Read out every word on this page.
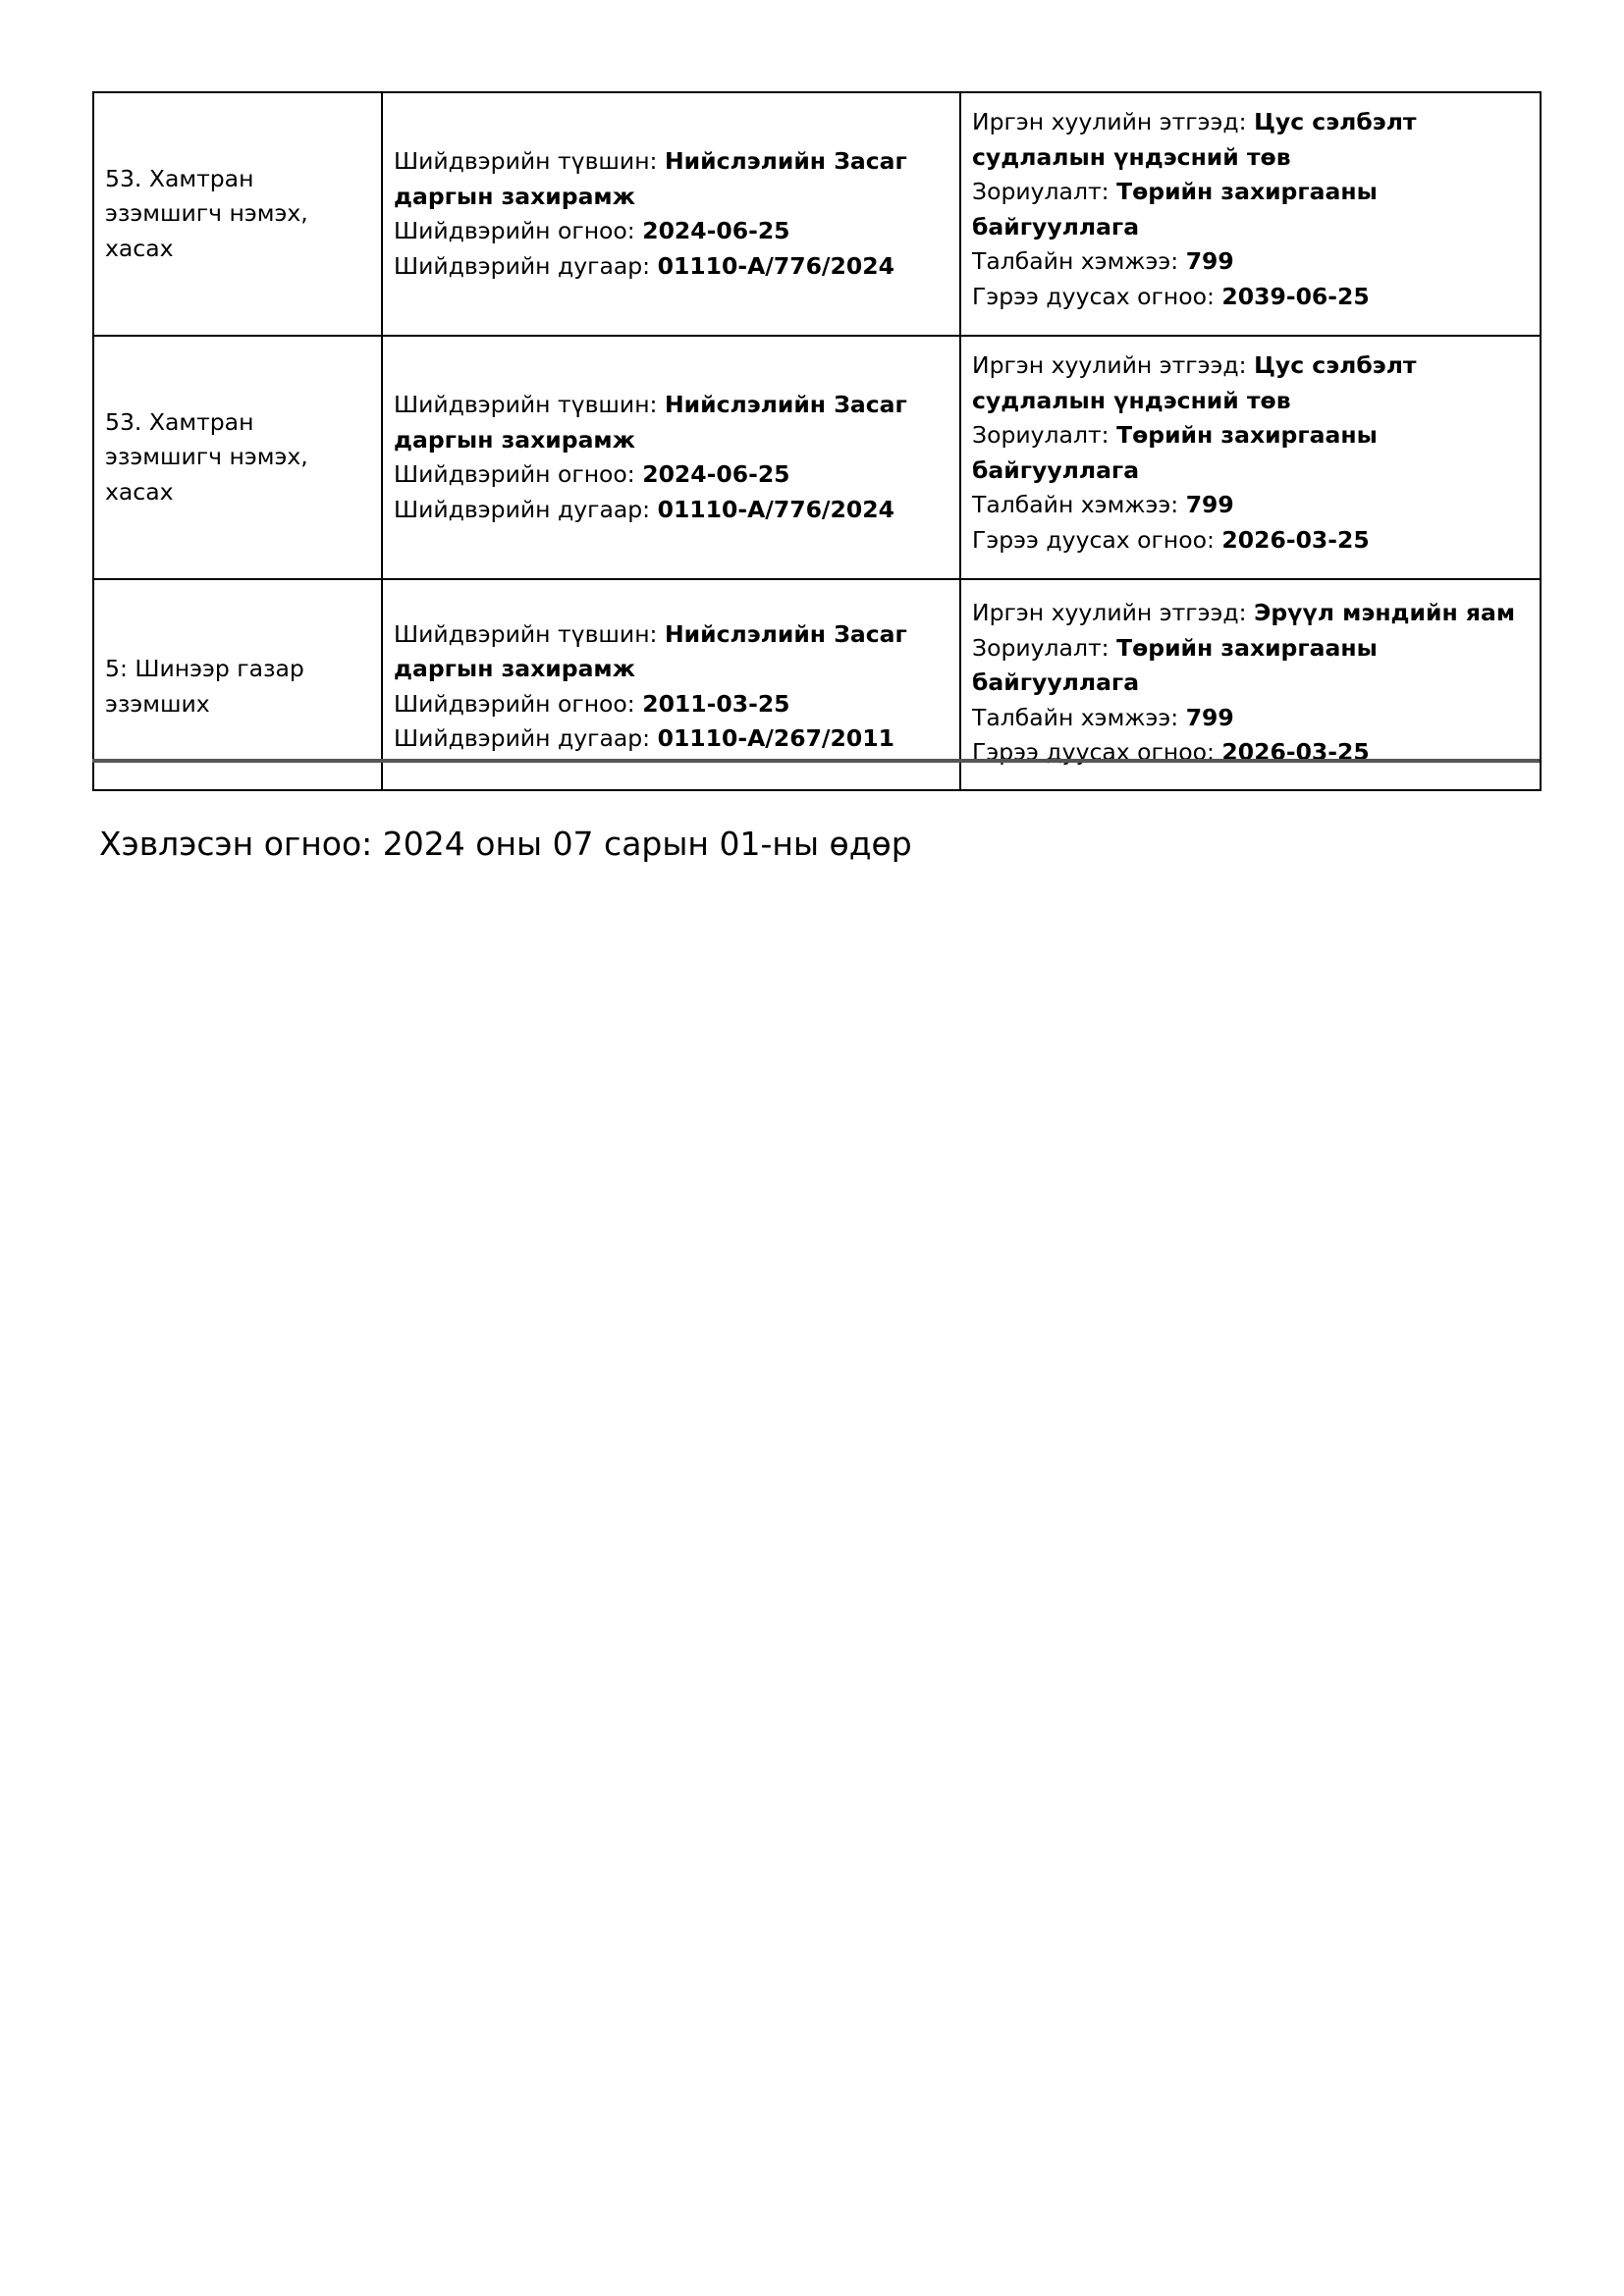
53. Хамтран эзэмшигч нэмэх, хасах	Шийдвэрийн түвшин: Нийслэлийн Засаг даргын захирамж
Шийдвэрийн огноо: 2024-06-25
Шийдвэрийн дугаар: 01110-А/776/2024	Иргэн хуулийн этгээд: Цус сэлбэлт судлалын үндэсний төв
Зориулалт: Төрийн захиргааны байгууллага
Талбайн хэмжээ: 799
Гэрээ дуусах огноо: 2039-06-25

53. Хамтран эзэмшигч нэмэх, хасах	Шийдвэрийн түвшин: Нийслэлийн Засаг даргын захирамж
Шийдвэрийн огноо: 2024-06-25
Шийдвэрийн дугаар: 01110-А/776/2024	Иргэн хуулийн этгээд: Цус сэлбэлт судлалын үндэсний төв
Зориулалт: Төрийн захиргааны байгууллага
Талбайн хэмжээ: 799
Гэрээ дуусах огноо: 2026-03-25

5: Шинээр газар эзэмших	Шийдвэрийн түвшин: Нийслэлийн Засаг даргын захирамж
Шийдвэрийн огноо: 2011-03-25
Шийдвэрийн дугаар: 01110-А/267/2011	Иргэн хуулийн этгээд: Эрүүл мэндийн яам
Зориулалт: Төрийн захиргааны байгууллага
Талбайн хэмжээ: 799
Гэрээ дуусах огноо: 2026-03-25
Хэвлэсэн огноо: 2024 оны 07 сарын 01-ны өдөр
